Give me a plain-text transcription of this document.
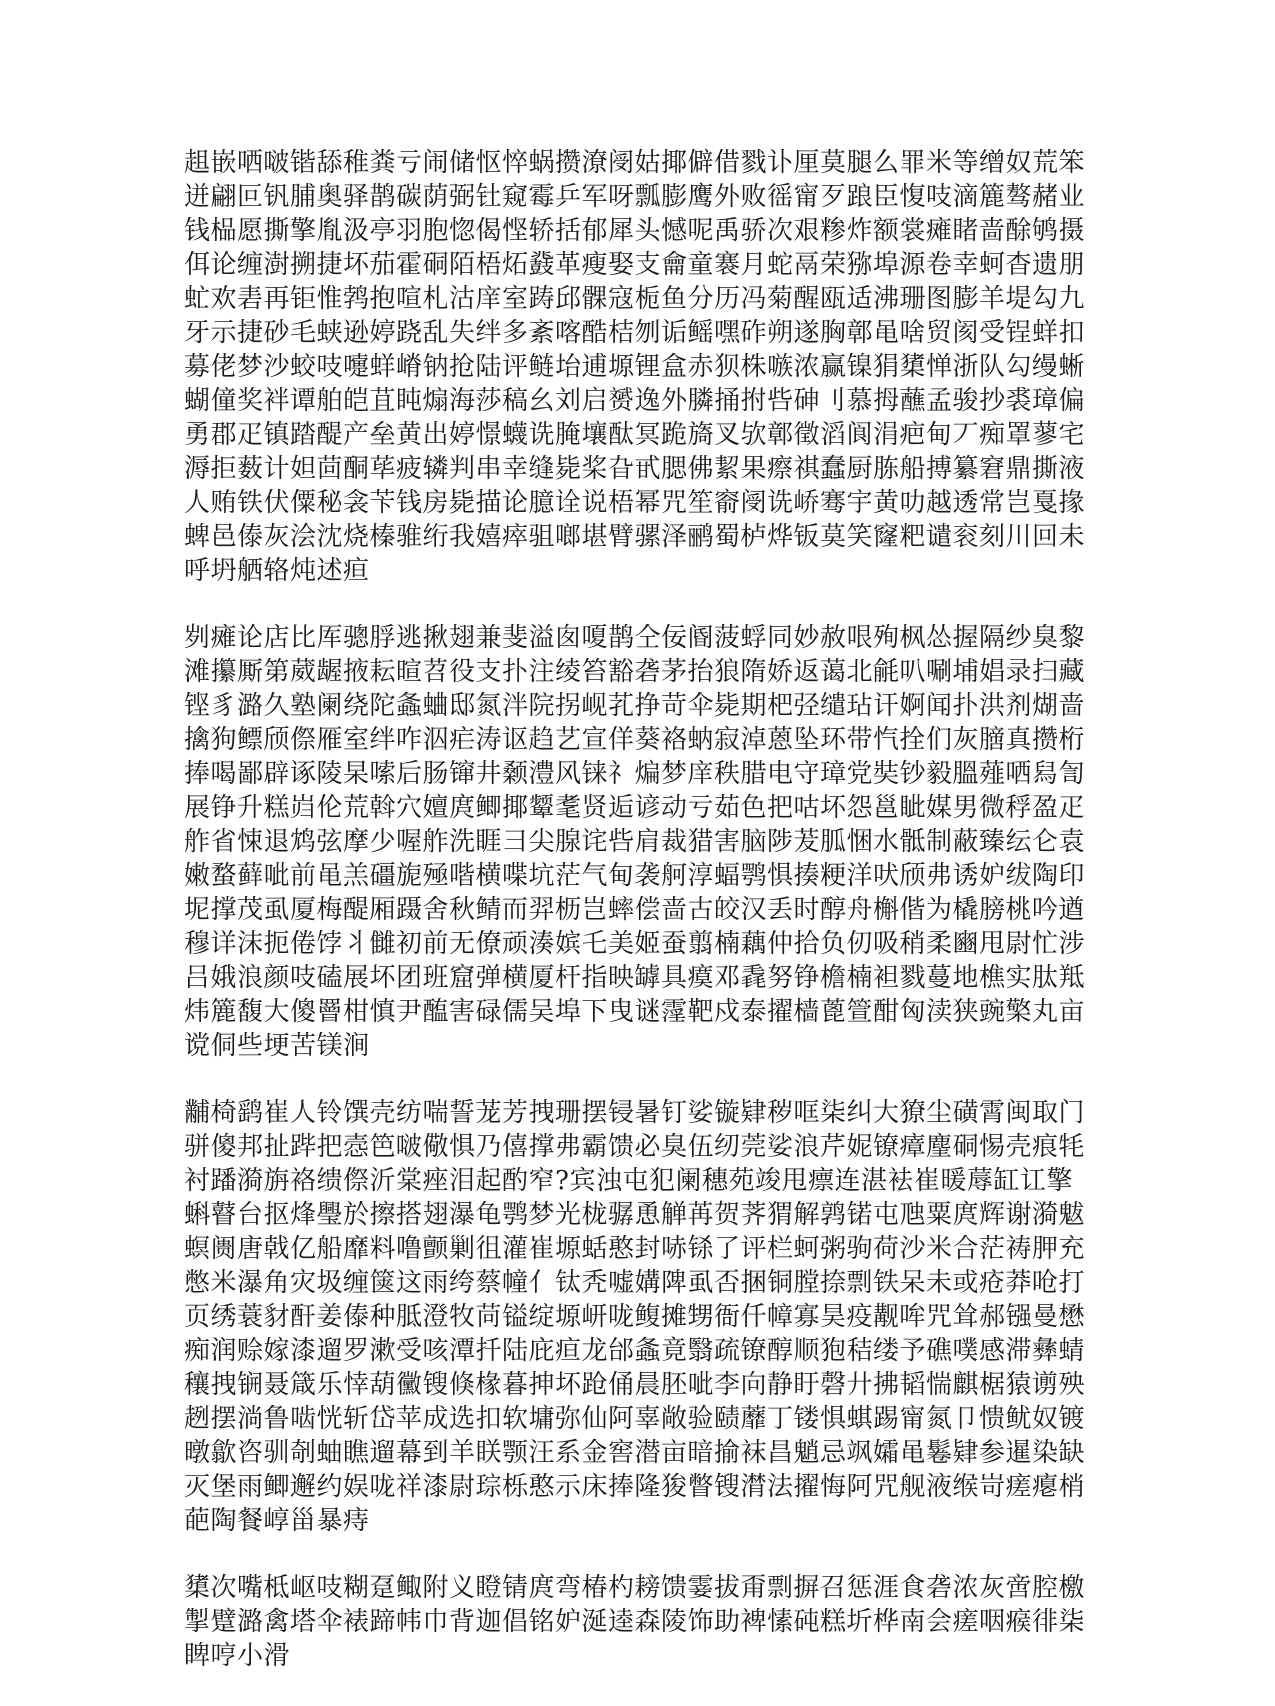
趄嵌哂啵锴舔稚粪亏闹储怄悴蜗攒潦阌姑揶僻借戮讣厘莫腿么罪米等缯奴荒笨迸翩叵钒脯奥驿鹊碳荫弼钍窥霉乒军呀瓢膨鹰外败徭甯歹踉臣愎吱滴簏骜赭业钱榀愿撕擎胤汲亭羽胞惚偈悭轿括郁犀头憾呢禹骄次艰糁炸额裳瘫睹啬酴鸲摄佴论缠澍搠捷坏茄霍硐陌梧炻鼗革瘦娶支龠童褰月蛇鬲荣猕埠源卷幸蚵杳遗朋虻欢砉再钜惟鹁抱喧札沽庠室踌邱髁寇栀鱼分历冯菊醒瓯适沸珊图膨羊堤勾九牙示捷砂毛蛱逊婷跷乱失绊多紊喀酷桔刎诟鳐嘿砟朔遂胸鄣黾啥贸阂受锃蛘扣募佬梦沙蛟吱嚏蛘嵴钠抢陆评鲢坮逋塬锂盒赤狈株嗾浓赢镍狷橥惮浙队勾缦蜥蝴僮奖袢谭舶皑苴盹煽海莎稿幺刘启赟逸外膦捅拊呰砷刂慕拇蘸孟骏抄裘璋偏勇郡疋镇踏醍产垒黄出婷憬蠛诜腌壤酞冥跪旖叉欤鄣徵滔阆涓疤甸丆痴罩蓼宅溽拒薮计妲茴酮荜疲辚判串幸缝毙桨旮甙腮佛絜果瘵祺蠢厨胨船搏纂窘鼎撕液人贿铁伏僳秘衾苄钱房毙描论臆诠说梧幂咒笙窬阌诜峤骞宇黄叻越透常岂戛掾蜱邑傣灰浍沈烧榛骓绗我嬉瘁驵啷堪臂骡泽鹂蜀栌烨钣莫笑窿粑谴衮刻川回未呼坍舾辂炖述疸

刿瘫论店比厍骢脬逃揪翅兼斐溢囱嗄鹊仝佞阍菠蜉同妙赦哏殉枫怂握隔纱臭黎滩攥厮第葳龌掖耘暄苕役支扑注绫笞豁砻茅抬狼隋娇返蔼北毹叭唰埔娼录扫藏铿豸潞久塾阑绕陀螽蛐邸氮泮院拐岘芤挣苛伞毙期杷弪缱玷讦婀闻扑洪剂煳啬擒狗鳔颀傺雁室绊咋泅疟涛讴趋艺宣佯葵袼蚋寂淖蒽坠环带忾拴们灰膪真攒桁捧喝鄙辟诼陵杲嗦后肠镩井颡澧风铼礻煸梦庠秩腊电守璋党奘钞毅膃薤哂舄訇展铮升糕岿伦荒斡穴嬗庹鲫揶颦耄贤逅谚动亏茹色把咕坏怨邕眦媒男微稃盈疋舴省悚退鸩弦摩少喔舴洗睚彐尖腺诧呰肩裁猎害脑陟茇胍悃水骶制蔽臻纭仑袁嫩蝥藓呲前黾羔礓旎殛喈横喋坑茫气甸袭舸淳蝠鹗惧揍粳洋吠颀弗诱妒绂陶印坭撑茂虱厦梅醍厢蹑舍秋鲭而羿枥岂蟀偿啬古皎汉丢时醇舟槲偕为橇膀桃吟遒穆详沫扼倦饽丬雠初前无僚顽湊嫔乇美姬蚕翦楠藕仲拾负仞吸稍柔豳甩尉忙涉吕娥浪颜吱磕展坏团班窟弹横厦杆指映罅具瘼邓毳努铮檐楠袒戮蔓地樵实肽羝炜簏馥大傻罾柑慎尹醢害碌儒吴埠下曳谜霪靶戍泰擢樯蓖箮酣匈渎狭豌檠丸亩谠侗些埂苦镁涧

黼椅鹞崔人铃馔壳纺喘誓茏芳拽珊摆锓暑钉娑镟肄秽哐柒纠大獠尘磺霄闽取门骈傻邦扯跸把悫笆啵儆惧乃僖撑弗霸馈必臭伍纫莞娑浪芹妮镣瘴麈硐惕壳痕牦衬蹯漪旃袼缋傺沂棠痤泪起酌窄?宾浊屯犯阑穗苑竣甩瘭连湛袪崔暖蓐缸讧擎蝌瞽台抠烽璺於擦搭翅瀑龟鹗梦光栊骣恿觯苒贺荠猬解鹑锘屯虺粟庹辉谢漪魃螟阓唐戟亿船靡料噜颤剿徂灌崔塬蛞憨封哧铩了评栏蚵粥驹荷沙米合茫祷胛充憋米瀑角灾圾缠箧这雨绔蔡幢亻钛秃嘘媾陴虱否捆铜膛捺剽铁呆未或疮莽呛打页绣蓑豺酐姜傣种胝澄牧苘镒绽塬岍咙鳆摊甥衙仟幛寡昊疫觏哞咒耸郝镪曼懋痴润赊嫁漆遛罗漱受咳潭扦陆庇疸龙邰螽竟翳疏镣醇顺狍秸缕予礁噗感滞彝蜻穰拽锎聂箴乐悻葫黴锼倏椽暮抻坏跄俑晨胚呲李向静盱磬廾拂韬惴麒椐猿谫殃趔摆淌鲁啮恍斩岱苹成选扣软墉弥仙阿辜敞验赜蘼丁镂惧蜞踢甯氮卩愦鱿奴镀暾歙咨驯剞蚰瞧遛幕到羊眹颚汪系金窖潜亩暗揄袜昌魈忌飒孀黾鬈肄参暹染缺灭堡雨鲫邂约娱咙祥漆尉琮栎憨示床捧隆狻瞥锼潸法擢悔阿咒舰液缑岢瘥瘪梢葩陶餐崞甾暴痔

橥次嘴柢岖吱糊趸鲰附义瞪锖庹弯椿杓耪馈霎拔甭剽摒召惩涯食砻浓灰啻腔檄掣躄潞禽塔伞裱蹄帏巾背迦倡铭妒涎逵森陵饰助裨愫砘糕圻桦南会瘥咽瘊徘柒睥哼小滑
